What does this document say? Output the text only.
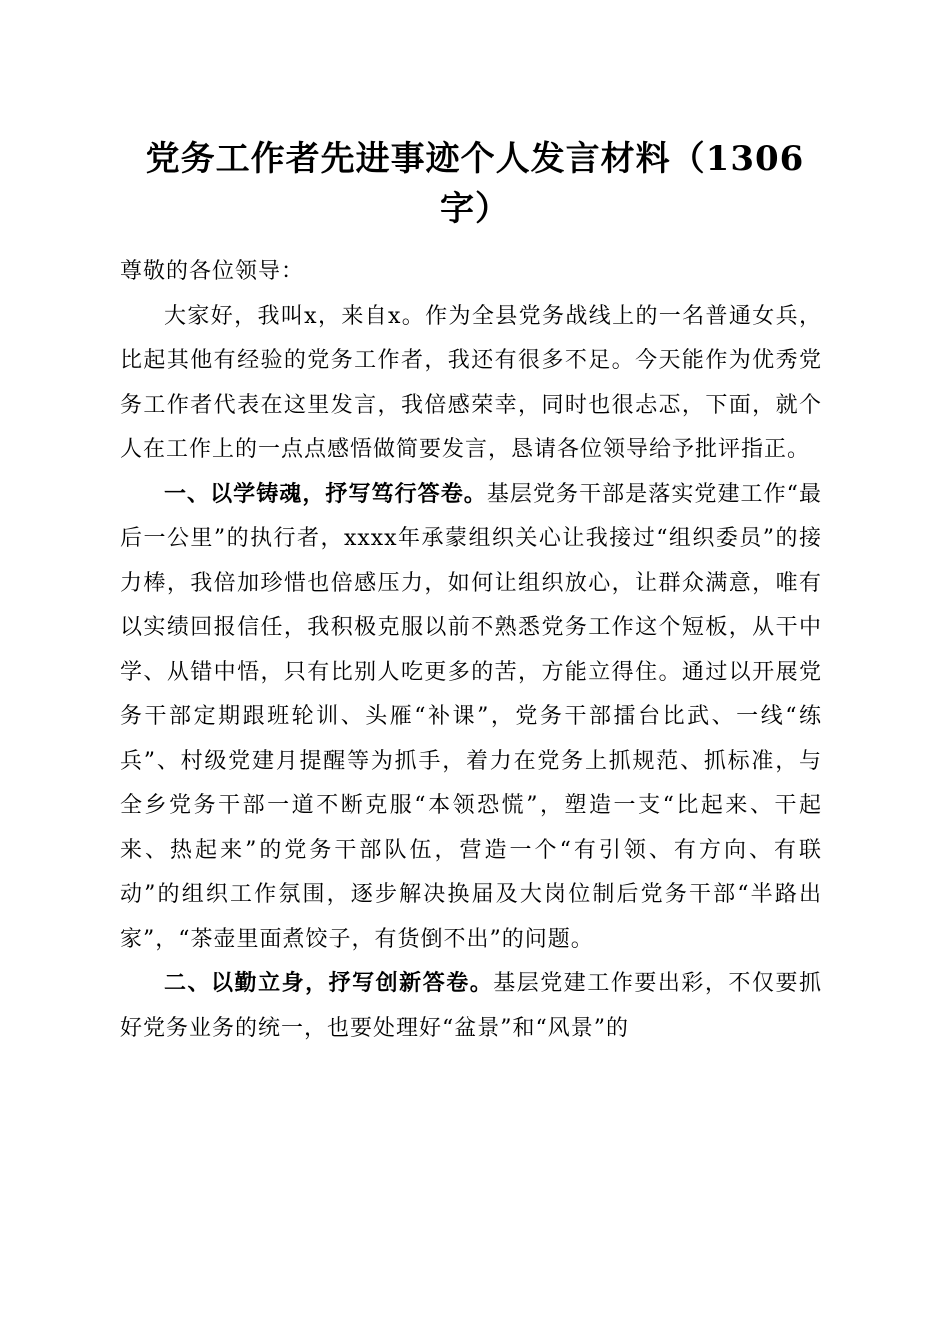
党务工作者先进事迹个人发言材料（1306字）

尊敬的各位领导：

大家好，我叫x，来自x。作为全县党务战线上的一名普通女兵，比起其他有经验的党务工作者，我还有很多不足。今天能作为优秀党务工作者代表在这里发言，我倍感荣幸，同时也很忐忑，下面，就个人在工作上的一点点感悟做简要发言，恳请各位领导给予批评指正。

一、以学铸魂，抒写笃行答卷。基层党务干部是落实党建工作“最后一公里”的执行者，xxxx年承蒙组织关心让我接过“组织委员”的接力棒，我倍加珍惜也倍感压力，如何让组织放心，让群众满意，唯有以实绩回报信任，我积极克服以前不熟悉党务工作这个短板，从干中学、从错中悟，只有比别人吃更多的苦，方能立得住。通过以开展党务干部定期跟班轮训、头雁“补课”，党务干部擂台比武、一线“练兵”、村级党建月提醒等为抓手，着力在党务上抓规范、抓标准，与全乡党务干部一道不断克服“本领恐慌”，塑造一支“比起来、干起来、热起来”的党务干部队伍，营造一个“有引领、有方向、有联动”的组织工作氛围，逐步解决换届及大岗位制后党务干部“半路出家”，“茶壶里面煮饺子，有货倒不出”的问题。

二、以勤立身，抒写创新答卷。基层党建工作要出彩，不仅要抓好党务业务的统一，也要处理好“盆景”和“风景”的
